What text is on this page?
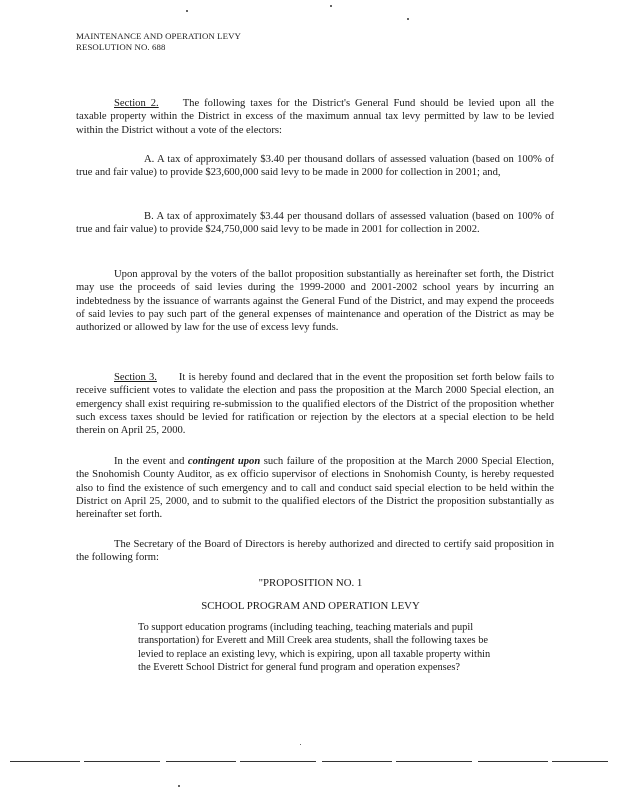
MAINTENANCE AND OPERATION LEVY
RESOLUTION NO. 688

Section 2. The following taxes for the District's General Fund should be levied upon all the taxable property within the District in excess of the maximum annual tax levy permitted by law to be levied within the District without a vote of the electors:

A. A tax of approximately $3.40 per thousand dollars of assessed valuation (based on 100% of true and fair value) to provide $23,600,000 said levy to be made in 2000 for collection in 2001; and,

B. A tax of approximately $3.44 per thousand dollars of assessed valuation (based on 100% of true and fair value) to provide $24,750,000 said levy to be made in 2001 for collection in 2002.

Upon approval by the voters of the ballot proposition substantially as hereinafter set forth, the District may use the proceeds of said levies during the 1999-2000 and 2001-2002 school years by incurring an indebtedness by the issuance of warrants against the General Fund of the District, and may expend the proceeds of said levies to pay such part of the general expenses of maintenance and operation of the District as may be authorized or allowed by law for the use of excess levy funds.

Section 3. It is hereby found and declared that in the event the proposition set forth below fails to receive sufficient votes to validate the election and pass the proposition at the March 2000 Special election, an emergency shall exist requiring re-submission to the qualified electors of the District of the proposition whether such excess taxes should be levied for ratification or rejection by the electors at a special election to be held therein on April 25, 2000.

In the event and contingent upon such failure of the proposition at the March 2000 Special Election, the Snohomish County Auditor, as ex officio supervisor of elections in Snohomish County, is hereby requested also to find the existence of such emergency and to call and conduct said special election to be held within the District on April 25, 2000, and to submit to the qualified electors of the District the proposition substantially as hereinafter set forth.

The Secretary of the Board of Directors is hereby authorized and directed to certify said proposition in the following form:

"PROPOSITION NO. 1
SCHOOL PROGRAM AND OPERATION LEVY
To support education programs (including teaching, teaching materials and pupil transportation) for Everett and Mill Creek area students, shall the following taxes be levied to replace an existing levy, which is expiring, upon all taxable property within the Everett School District for general fund program and operation expenses?
